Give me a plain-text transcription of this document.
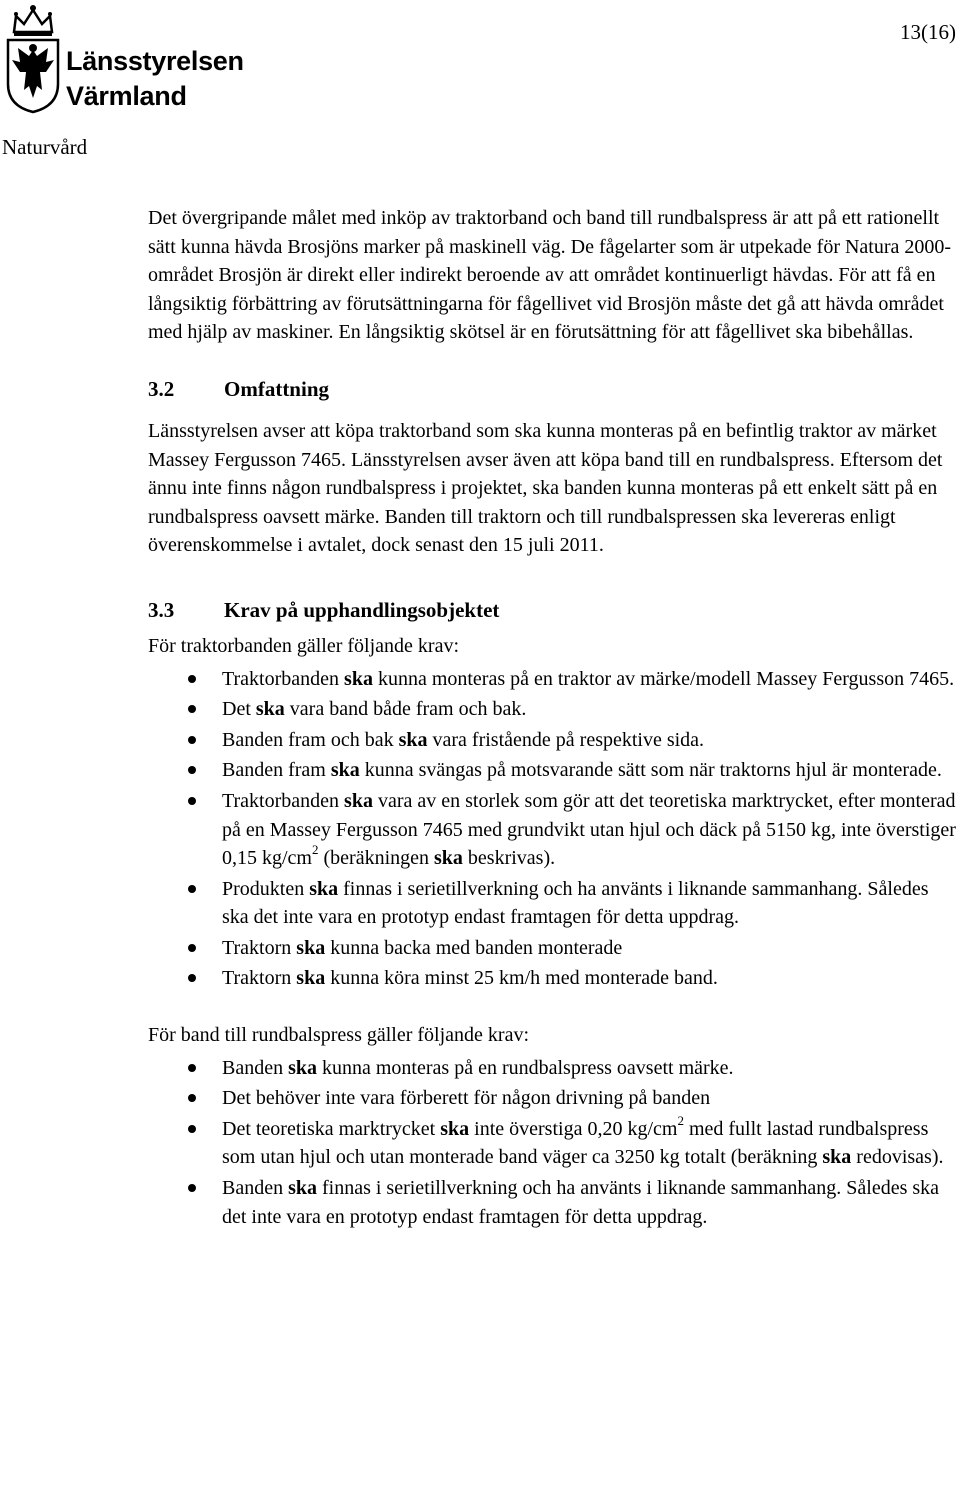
Länsstyrelsen
Värmland
13(16)
Naturvård

Det övergripande målet med inköp av traktorband och band till rundbalspress är att på ett rationellt sätt kunna hävda Brosjöns marker på maskinell väg. De fågelarter som är utpekade för Natura 2000-området Brosjön är direkt eller indirekt beroende av att området kontinuerligt hävdas. För att få en långsiktig förbättring av förutsättningarna för fågellivet vid Brosjön måste det gå att hävda området med hjälp av maskiner. En långsiktig skötsel är en förutsättning för att fågellivet ska bibehållas.

3.2 Omfattning

Länsstyrelsen avser att köpa traktorband som ska kunna monteras på en befintlig traktor av märket Massey Fergusson 7465. Länsstyrelsen avser även att köpa band till en rundbalspress. Eftersom det ännu inte finns någon rundbalspress i projektet, ska banden kunna monteras på ett enkelt sätt på en rundbalspress oavsett märke. Banden till traktorn och till rundbalspressen ska levereras enligt överenskommelse i avtalet, dock senast den 15 juli 2011.

3.3 Krav på upphandlingsobjektet

För traktorbanden gäller följande krav:

Traktorbanden ska kunna monteras på en traktor av märke/modell Massey Fergusson 7465.
Det ska vara band både fram och bak.
Banden fram och bak ska vara fristående på respektive sida.
Banden fram ska kunna svängas på motsvarande sätt som när traktorns hjul är monterade.
Traktorbanden ska vara av en storlek som gör att det teoretiska marktrycket, efter monterad på en Massey Fergusson 7465 med grundvikt utan hjul och däck på 5150 kg, inte överstiger 0,15 $kg/cm^2$ (beräkningen ska beskrivas).
Produkten ska finnas i serietillverkning och ha använts i liknande sammanhang. Således ska det inte vara en prototyp endast framtagen för detta uppdrag.
Traktorn ska kunna backa med banden monterade
Traktorn ska kunna köra minst 25 km/h med monterade band.

För band till rundbalspress gäller följande krav:

Banden ska kunna monteras på en rundbalspress oavsett märke.
Det behöver inte vara förberett för någon drivning på banden
Det teoretiska marktrycket ska inte överstiga 0,20 $kg/cm^2$ med fullt lastad rundbalspress som utan hjul och utan monterade band väger ca 3250 kg totalt (beräkning ska redovisas).
Banden ska finnas i serietillverkning och ha använts i liknande sammanhang. Således ska det inte vara en prototyp endast framtagen för detta uppdrag.
